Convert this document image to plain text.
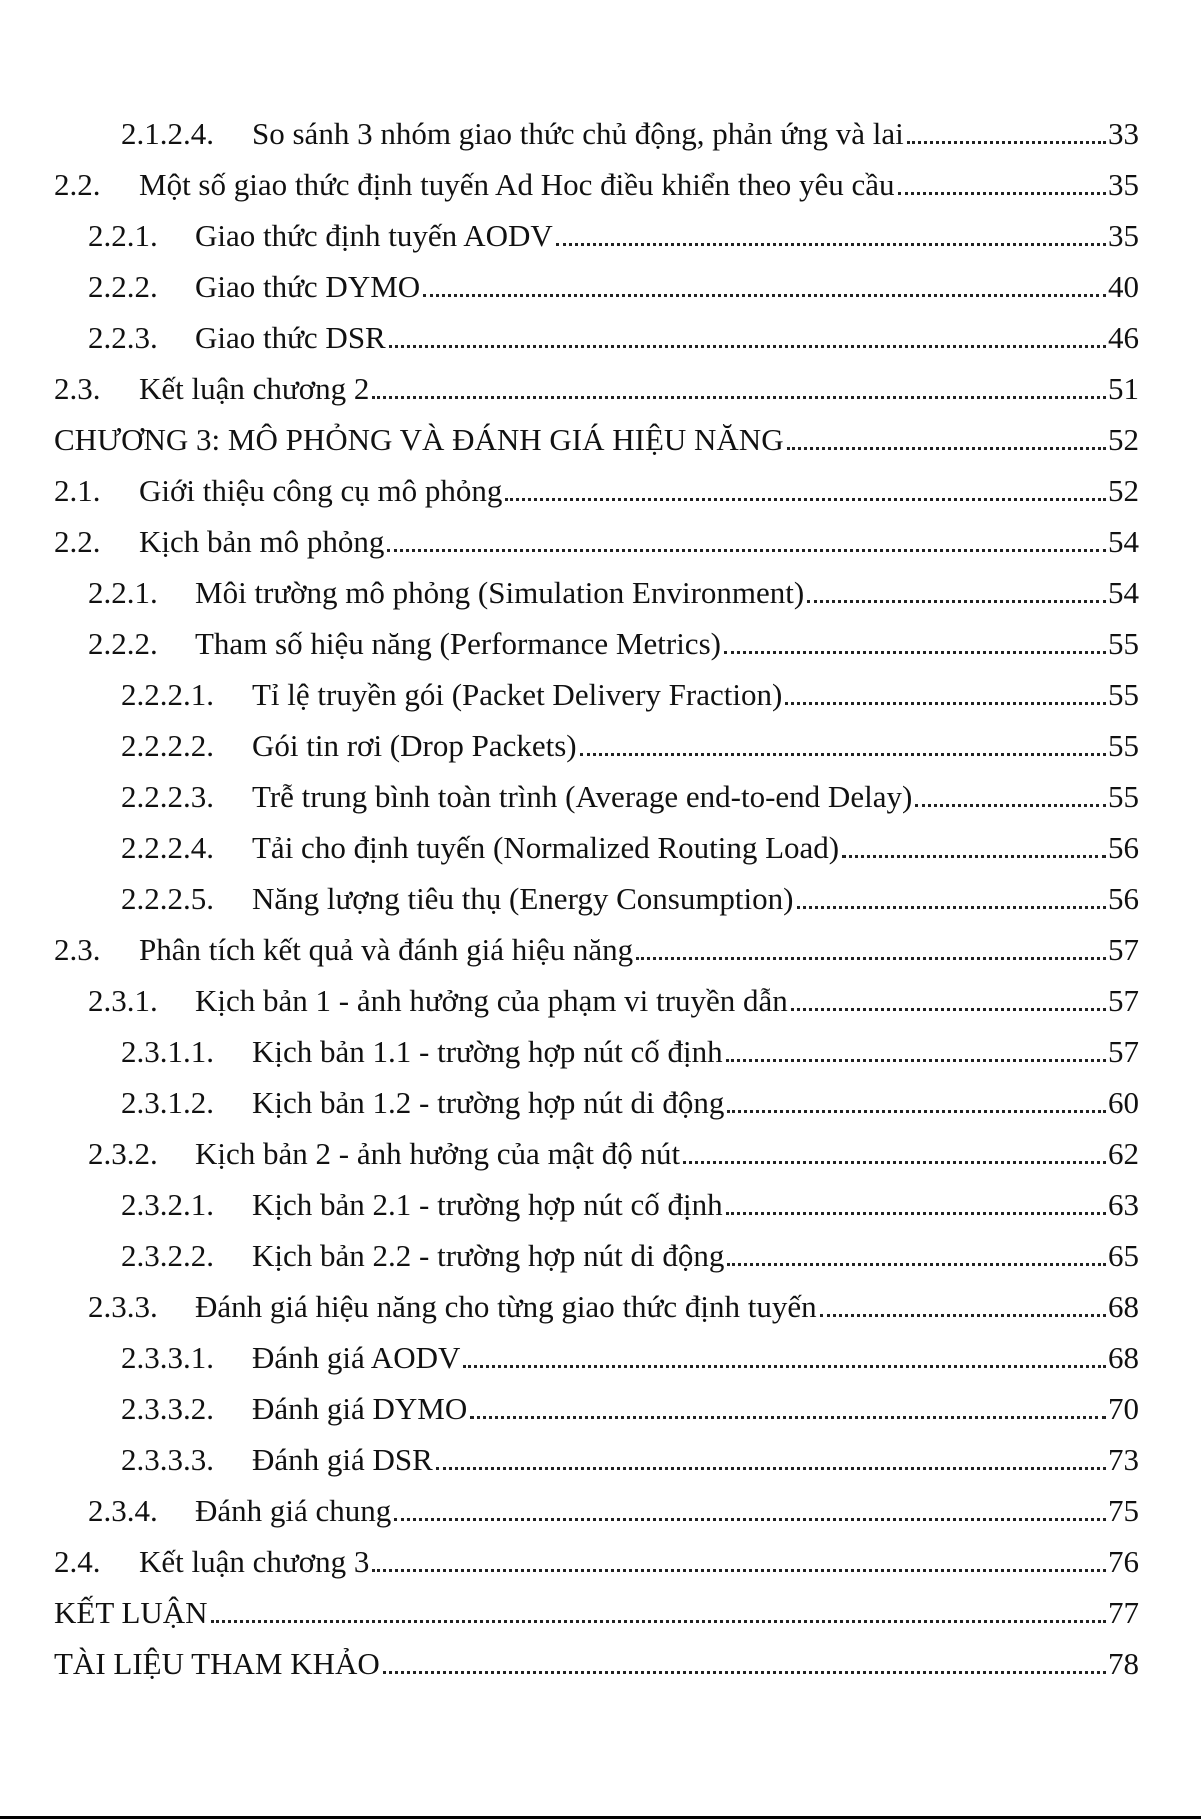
2.1.2.4.	So sánh 3 nhóm giao thức chủ động, phản ứng và lai	33
2.2.	Một số giao thức định tuyến Ad Hoc điều khiển theo yêu cầu	35
2.2.1.	Giao thức định tuyến AODV	35
2.2.2.	Giao thức DYMO	40
2.2.3.	Giao thức DSR	46
2.3.	Kết luận chương 2	51
CHƯƠNG 3: MÔ PHỎNG VÀ ĐÁNH GIÁ HIỆU NĂNG	52
2.1.	Giới thiệu công cụ mô phỏng	52
2.2.	Kịch bản mô phỏng	54
2.2.1.	Môi trường mô phỏng (Simulation Environment)	54
2.2.2.	Tham số hiệu năng (Performance Metrics)	55
2.2.2.1.	Tỉ lệ truyền gói (Packet Delivery Fraction)	55
2.2.2.2.	Gói tin rơi (Drop Packets)	55
2.2.2.3.	Trễ trung bình toàn trình (Average end-to-end Delay)	55
2.2.2.4.	Tải cho định tuyến (Normalized Routing Load)	56
2.2.2.5.	Năng lượng tiêu thụ (Energy Consumption)	56
2.3.	Phân tích kết quả và đánh giá hiệu năng	57
2.3.1.	Kịch bản 1 - ảnh hưởng của phạm vi truyền dẫn	57
2.3.1.1.	Kịch bản 1.1 - trường hợp nút cố định	57
2.3.1.2.	Kịch bản 1.2 - trường hợp nút di động	60
2.3.2.	Kịch bản 2 - ảnh hưởng của mật độ nút	62
2.3.2.1.	Kịch bản 2.1 - trường hợp nút cố định	63
2.3.2.2.	Kịch bản 2.2 - trường hợp nút di động	65
2.3.3.	Đánh giá hiệu năng cho từng giao thức định tuyến	68
2.3.3.1.	Đánh giá AODV	68
2.3.3.2.	Đánh giá DYMO	70
2.3.3.3.	Đánh giá DSR	73
2.3.4.	Đánh giá chung	75
2.4.	Kết luận chương 3	76
KẾT LUẬN	77
TÀI LIỆU THAM KHẢO	78
